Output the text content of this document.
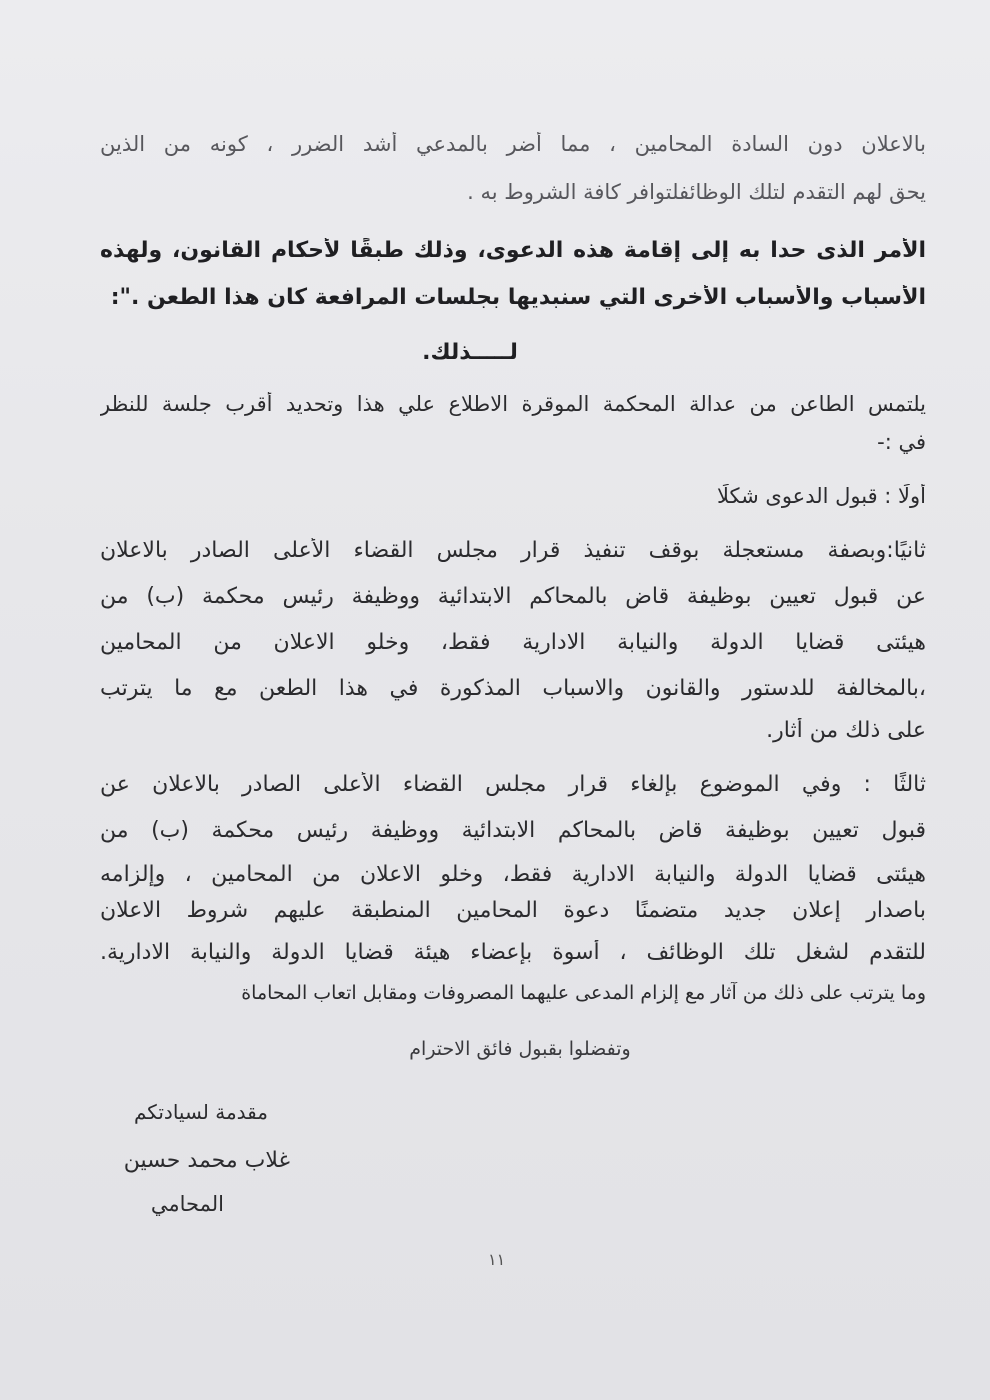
بالاعلان دون السادة المحامين ، مما أضر بالمدعي أشد الضرر ، كونه من الذين
يحق لهم التقدم لتلك الوظائفلتوافر كافة الشروط به .
الأمر الذى حدا به إلى إقامة هذه الدعوى، وذلك طبقًا لأحكام القانون، ولهذه
الأسباب والأسباب الأخرى التي سنبديها بجلسات المرافعة كان هذا الطعن .":
لـــــذلك.
يلتمس الطاعن من عدالة المحكمة الموقرة الاطلاع علي هذا وتحديد أقرب جلسة للنظر
في :-
أولًا : قبول الدعوى شكلًا
ثانيًا:وبصفة مستعجلة بوقف تنفيذ قرار مجلس القضاء الأعلى الصادر بالاعلان
عن قبول تعيين بوظيفة قاض بالمحاكم الابتدائية ووظيفة رئيس محكمة (ب) من
هيئتى قضايا الدولة والنيابة الادارية فقط، وخلو الاعلان من المحامين
،بالمخالفة للدستور والقانون والاسباب المذكورة في هذا الطعن مع ما يترتب
على ذلك من أثار.
ثالثًا : وفي الموضوع بإلغاء قرار مجلس القضاء الأعلى الصادر بالاعلان عن
قبول تعيين بوظيفة قاض بالمحاكم الابتدائية ووظيفة رئيس محكمة (ب) من
هيئتى قضايا الدولة والنيابة الادارية فقط، وخلو الاعلان من المحامين ، وإلزامه
باصدار إعلان جديد متضمنًا دعوة المحامين المنطبقة عليهم شروط الاعلان
للتقدم لشغل تلك الوظائف ، أسوة بإعضاء هيئة قضايا الدولة والنيابة الادارية.
وما يترتب على ذلك من آثار مع إلزام المدعى عليهما المصروفات ومقابل اتعاب المحاماة
وتفضلوا بقبول فائق الاحترام
مقدمة لسيادتكم
غلاب محمد حسين
المحامي
١١
